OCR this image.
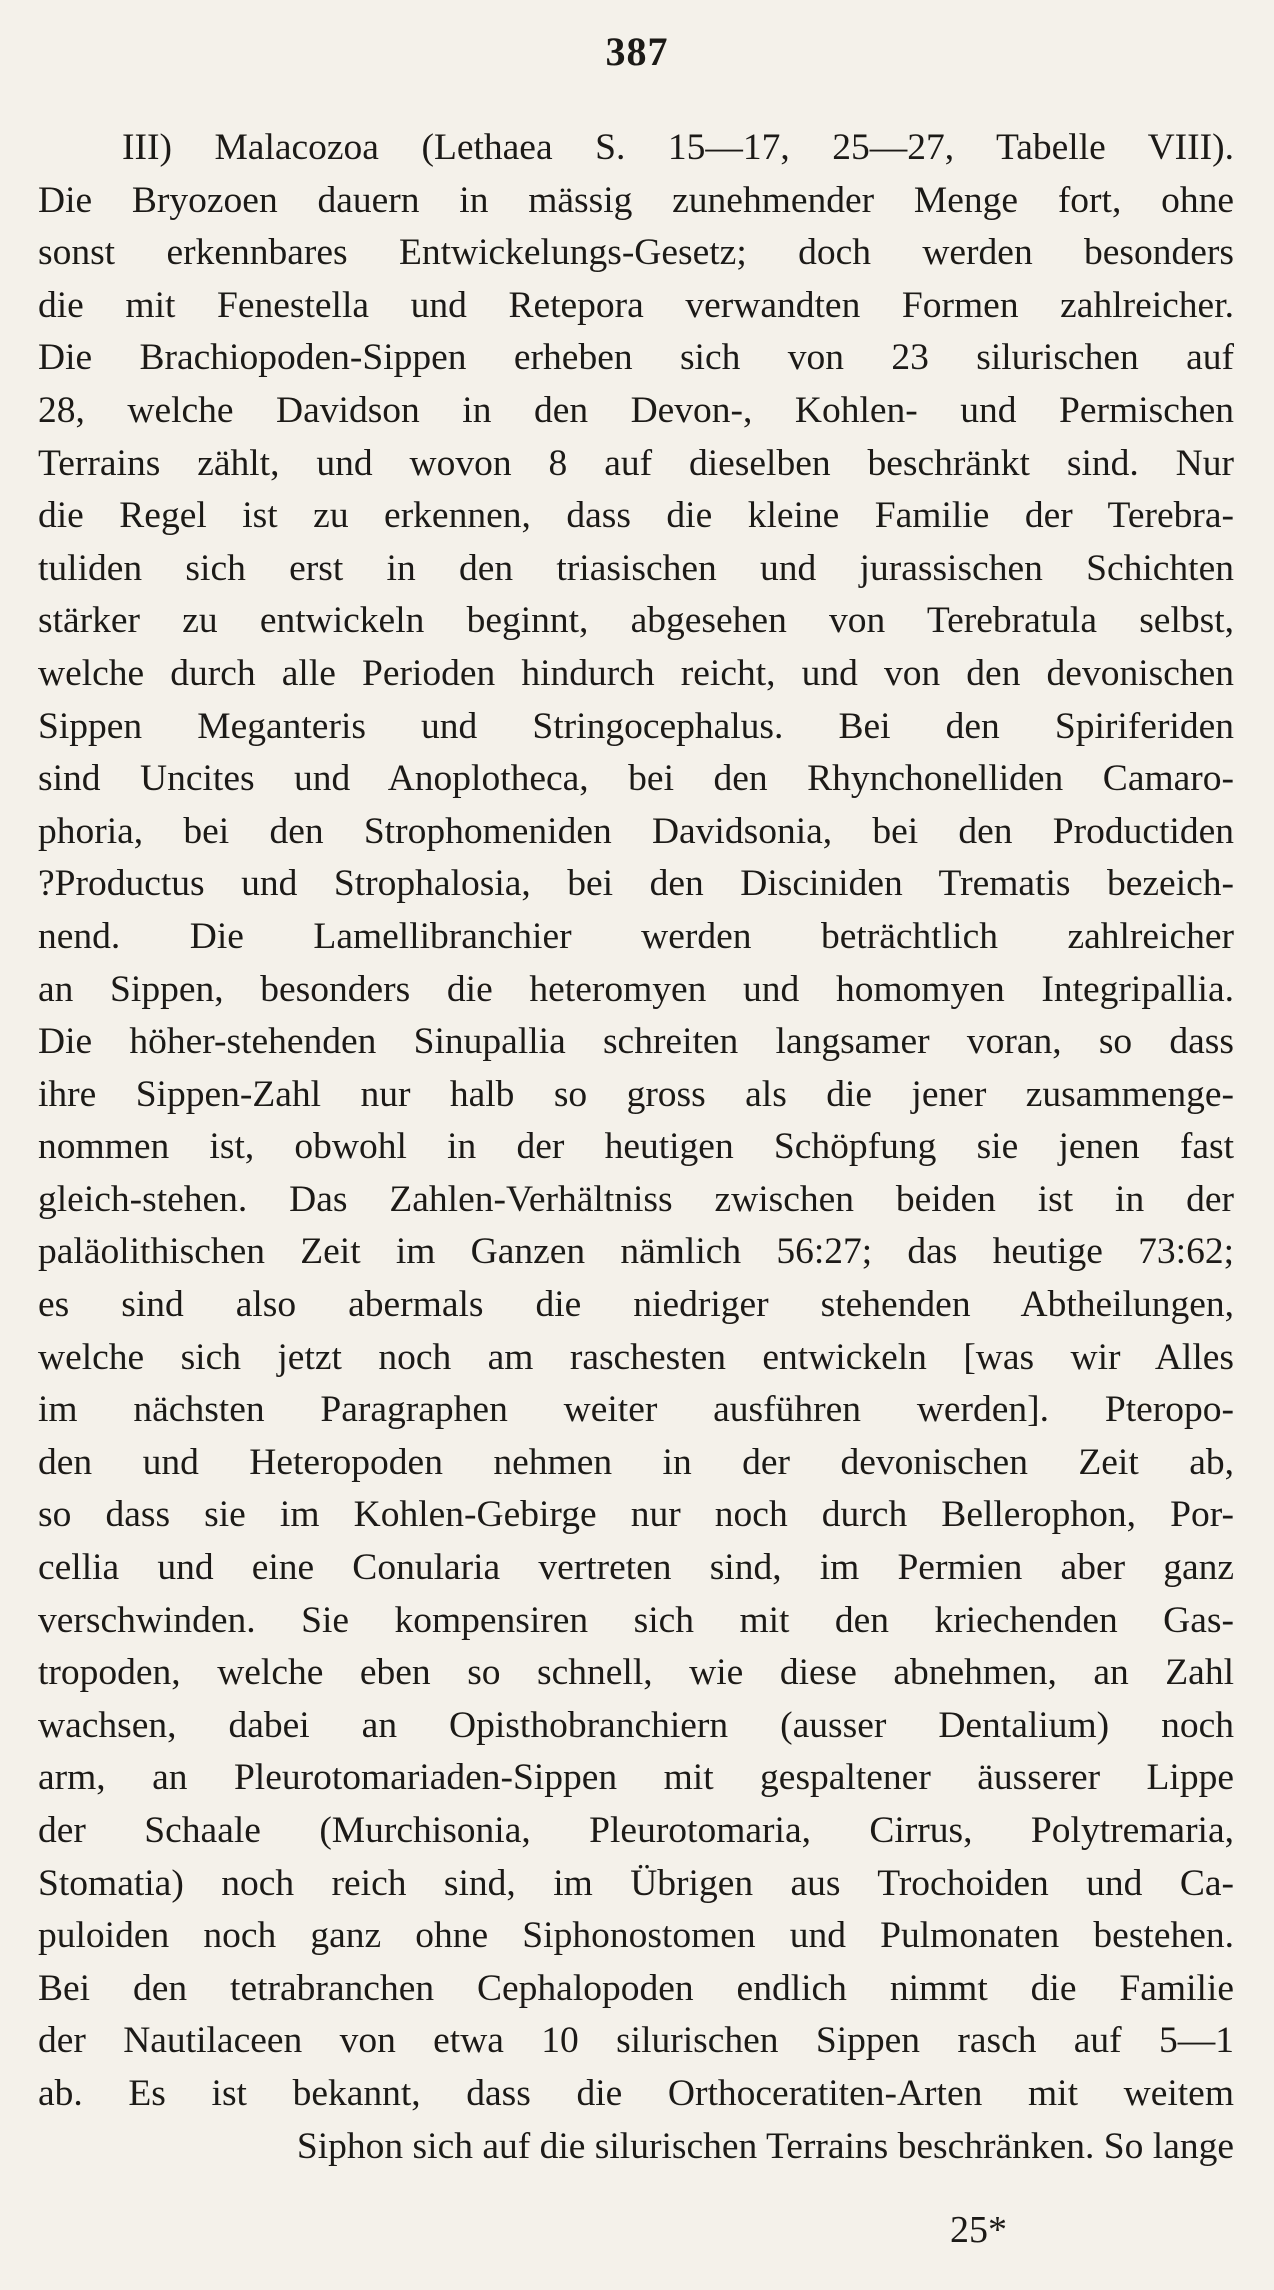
387
III) Malacozoa (Lethaea S. 15—17, 25—27, Tabelle VIII).
Die Bryozoen dauern in mässig zunehmender Menge fort, ohne
sonst erkennbares Entwickelungs-Gesetz; doch werden besonders
die mit Fenestella und Retepora verwandten Formen zahlreicher.
Die Brachiopoden-Sippen erheben sich von 23 silurischen auf
28, welche Davidson in den Devon-, Kohlen- und Permischen
Terrains zählt, und wovon 8 auf dieselben beschränkt sind. Nur
die Regel ist zu erkennen, dass die kleine Familie der Terebra-
tuliden sich erst in den triasischen und jurassischen Schichten
stärker zu entwickeln beginnt, abgesehen von Terebratula selbst,
welche durch alle Perioden hindurch reicht, und von den devonischen
Sippen Meganteris und Stringocephalus. Bei den Spiriferiden
sind Uncites und Anoplotheca, bei den Rhynchonelliden Camaro-
phoria, bei den Strophomeniden Davidsonia, bei den Productiden
?Productus und Strophalosia, bei den Disciniden Trematis bezeich-
nend. Die Lamellibranchier werden beträchtlich zahlreicher
an Sippen, besonders die heteromyen und homomyen Integripallia.
Die höher-stehenden Sinupallia schreiten langsamer voran, so dass
ihre Sippen-Zahl nur halb so gross als die jener zusammenge-
nommen ist, obwohl in der heutigen Schöpfung sie jenen fast
gleich-stehen. Das Zahlen-Verhältniss zwischen beiden ist in der
paläolithischen Zeit im Ganzen nämlich 56:27; das heutige 73:62;
es sind also abermals die niedriger stehenden Abtheilungen,
welche sich jetzt noch am raschesten entwickeln [was wir Alles
im nächsten Paragraphen weiter ausführen werden]. Pteropo-
den und Heteropoden nehmen in der devonischen Zeit ab,
so dass sie im Kohlen-Gebirge nur noch durch Bellerophon, Por-
cellia und eine Conularia vertreten sind, im Permien aber ganz
verschwinden. Sie kompensiren sich mit den kriechenden Gas-
tropoden, welche eben so schnell, wie diese abnehmen, an Zahl
wachsen, dabei an Opisthobranchiern (ausser Dentalium) noch
arm, an Pleurotomariaden-Sippen mit gespaltener äusserer Lippe
der Schaale (Murchisonia, Pleurotomaria, Cirrus, Polytremaria,
Stomatia) noch reich sind, im Übrigen aus Trochoiden und Ca-
puloiden noch ganz ohne Siphonostomen und Pulmonaten bestehen.
Bei den tetrabranchen Cephalopoden endlich nimmt die Familie
der Nautilaceen von etwa 10 silurischen Sippen rasch auf 5—1
ab. Es ist bekannt, dass die Orthoceratiten-Arten mit weitem
Siphon sich auf die silurischen Terrains beschränken. So lange
25*
